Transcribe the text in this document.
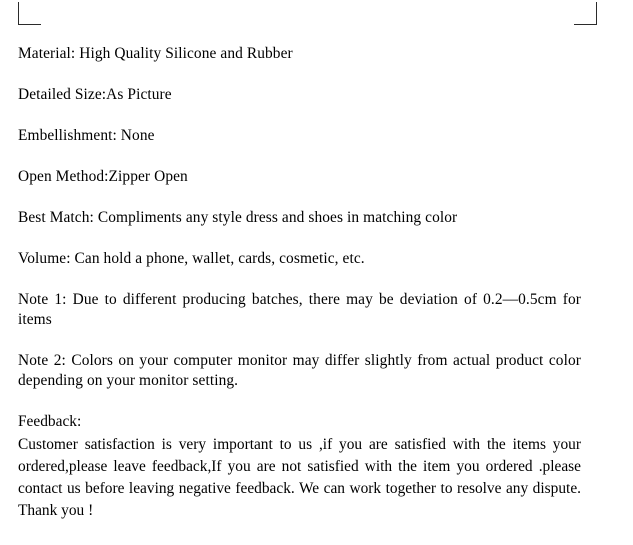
Material: High Quality Silicone and Rubber

Detailed Size:As Picture

Embellishment: None

Open Method:Zipper Open

Best Match: Compliments any style dress and shoes in matching color

Volume: Can hold a phone, wallet, cards, cosmetic, etc.

Note 1: Due to different producing batches, there may be deviation of 0.2—0.5cm for items

Note 2: Colors on your computer monitor may differ slightly from actual product color depending on your monitor setting.

Feedback:

Customer satisfaction is very important to us ,if you are satisfied with the items your ordered,please leave feedback,If you are not satisfied with the item you ordered .please contact us before leaving negative feedback. We can work together to resolve any dispute. Thank you !
